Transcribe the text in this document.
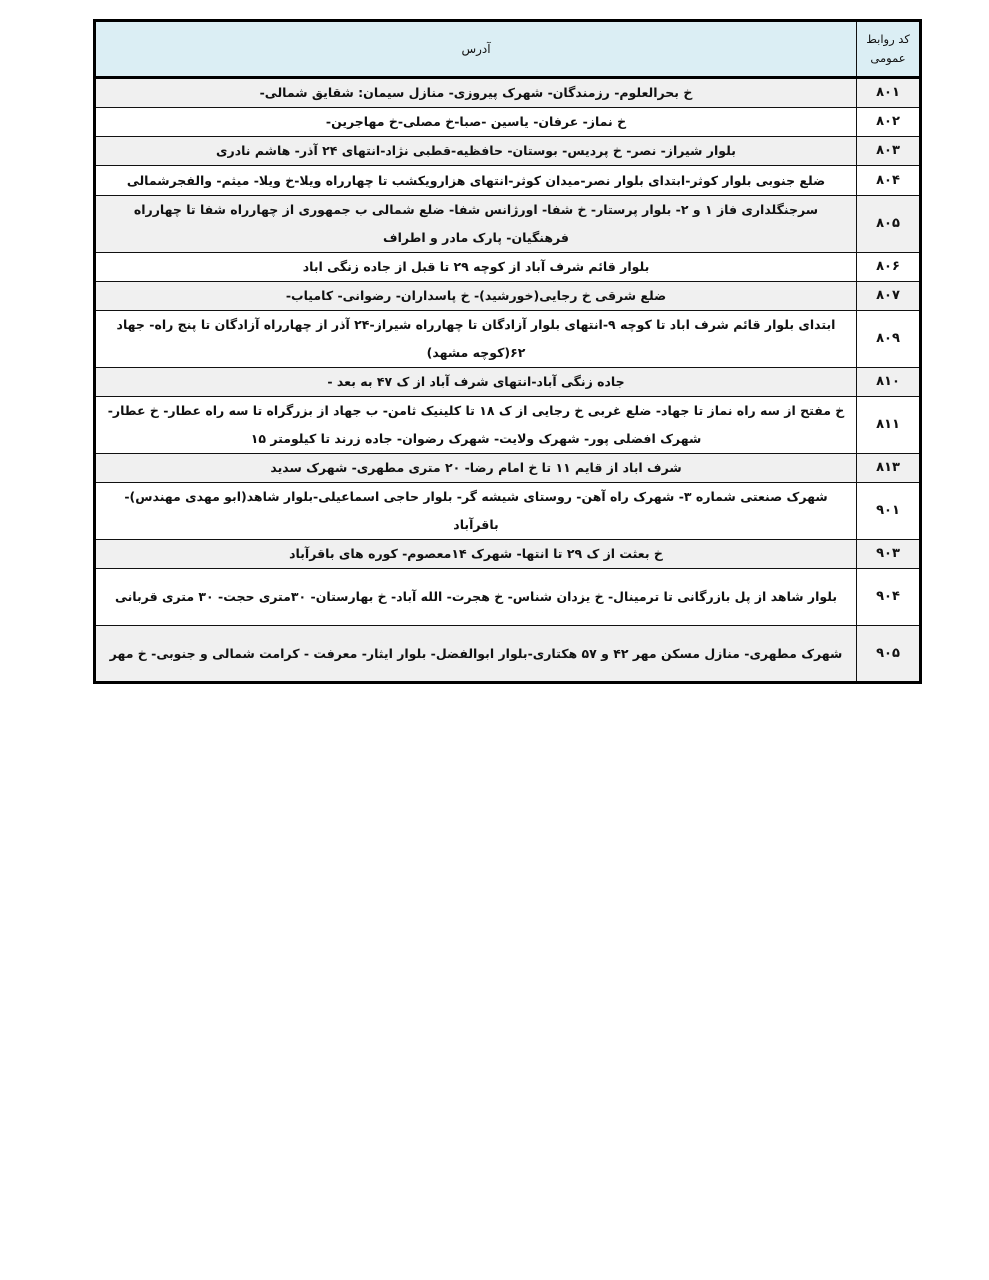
کد روابط عمومی	آدرس
۸۰۱	خ بحرالعلوم- رزمندگان- شهرک پیروزی- منازل سیمان: شقایق شمالی-
۸۰۲	خ نماز- عرفان- یاسین -صبا-خ مصلی-خ مهاجرین-
۸۰۳	بلوار شیراز- نصر- خ پردیس- بوستان- حافظیه-قطبی نژاد-انتهای ۲۴ آذر- هاشم نادری
۸۰۴	ضلع جنوبی بلوار کوثر-ابتدای بلوار نصر-میدان کوثر-انتهای هزارویکشب تا چهارراه ویلا-خ ویلا- میثم- والفجرشمالی
۸۰۵	سرجنگلداری فاز ۱ و ۲- بلوار پرستار- خ شفا- اورژانس شفا- ضلع شمالی ب جمهوری از چهارراه شفا تا چهارراه فرهنگیان- پارک مادر و اطراف
۸۰۶	بلوار قائم شرف آباد از کوچه ۲۹ تا قبل از جاده زنگی اباد
۸۰۷	ضلع شرقی خ رجایی(خورشید)- خ پاسداران- رضوانی- کامیاب-
۸۰۹	ابتدای بلوار قائم شرف اباد تا کوچه ۹-انتهای بلوار آزادگان تا چهارراه شیراز-۲۴ آذر از چهارراه آزادگان تا پنج راه- جهاد ۶۲(کوچه مشهد)
۸۱۰	جاده زنگی آباد-انتهای شرف آباد از ک ۴۷ به بعد -
۸۱۱	خ مفتح از سه راه نماز تا جهاد- ضلع غربی خ رجایی از ک ۱۸ تا کلینیک ثامن- ب جهاد از بزرگراه تا سه راه عطار- خ عطار-شهرک افضلی پور- شهرک ولایت- شهرک رضوان- جاده زرند تا کیلومتر ۱۵
۸۱۳	شرف اباد از قایم ۱۱ تا خ امام رضا- ۲۰ متری مطهری- شهرک سدید
۹۰۱	شهرک صنعتی شماره ۳- شهرک راه آهن- روستای شیشه گر- بلوار حاجی اسماعیلی-بلوار شاهد(ابو مهدی مهندس)- باقرآباد
۹۰۳	خ بعثت از ک ۲۹ تا انتها- شهرک ۱۴معصوم- کوره های باقرآباد
۹۰۴	بلوار شاهد از پل بازرگانی تا ترمینال- خ یزدان شناس- خ هجرت- الله آباد- خ بهارستان- ۳۰متری حجت- ۳۰ متری قربانی
۹۰۵	شهرک مطهری- منازل مسکن مهر ۴۲ و ۵۷ هکتاری-بلوار ابوالفضل- بلوار ایثار- معرفت - کرامت شمالی و جنوبی- خ مهر
